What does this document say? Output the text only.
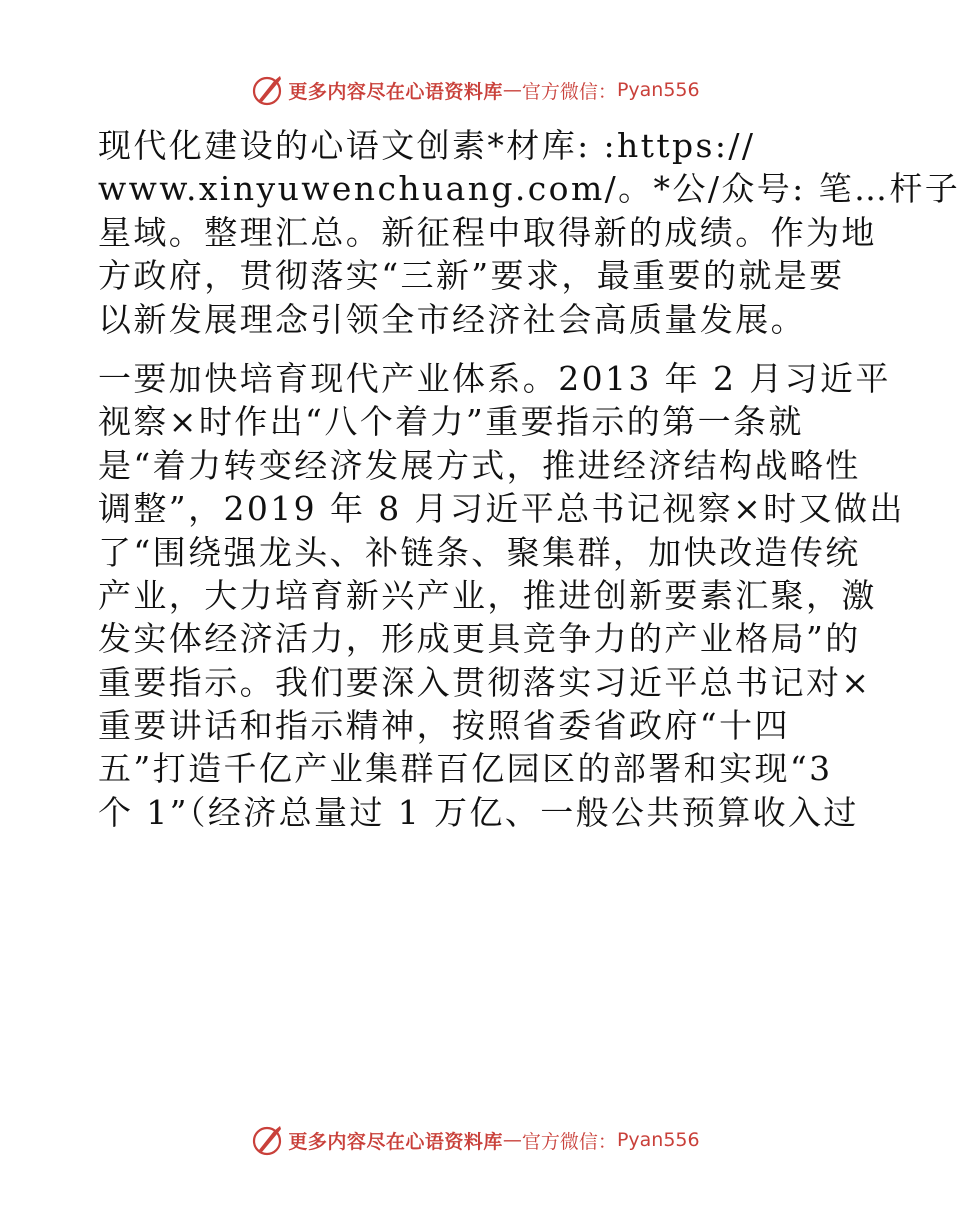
更多内容尽在心语资料库 — 官方微信： Pyan556
现代化建设的心语文创素*材库: :https://
www.xinyuwenchuang.com/。*公/众号: 笔…杆子
星域。整理汇总。新征程中取得新的成绩。作为地
方政府，贯彻落实“三新”要求，最重要的就是要
以新发展理念引领全市经济社会高质量发展。
一要加快培育现代产业体系。2013 年 2 月习近平
视察×时作出“八个着力”重要指示的第一条就
是“着力转变经济发展方式，推进经济结构战略性
调整”，2019 年 8 月习近平总书记视察×时又做出
了“围绕强龙头、补链条、聚集群，加快改造传统
产业，大力培育新兴产业，推进创新要素汇聚，激
发实体经济活力，形成更具竞争力的产业格局”的
重要指示。我们要深入贯彻落实习近平总书记对×
重要讲话和指示精神，按照省委省政府“十四
五”打造千亿产业集群百亿园区的部署和实现“3
个 1”（经济总量过 1 万亿、一般公共预算收入过
更多内容尽在心语资料库 — 官方微信： Pyan556
